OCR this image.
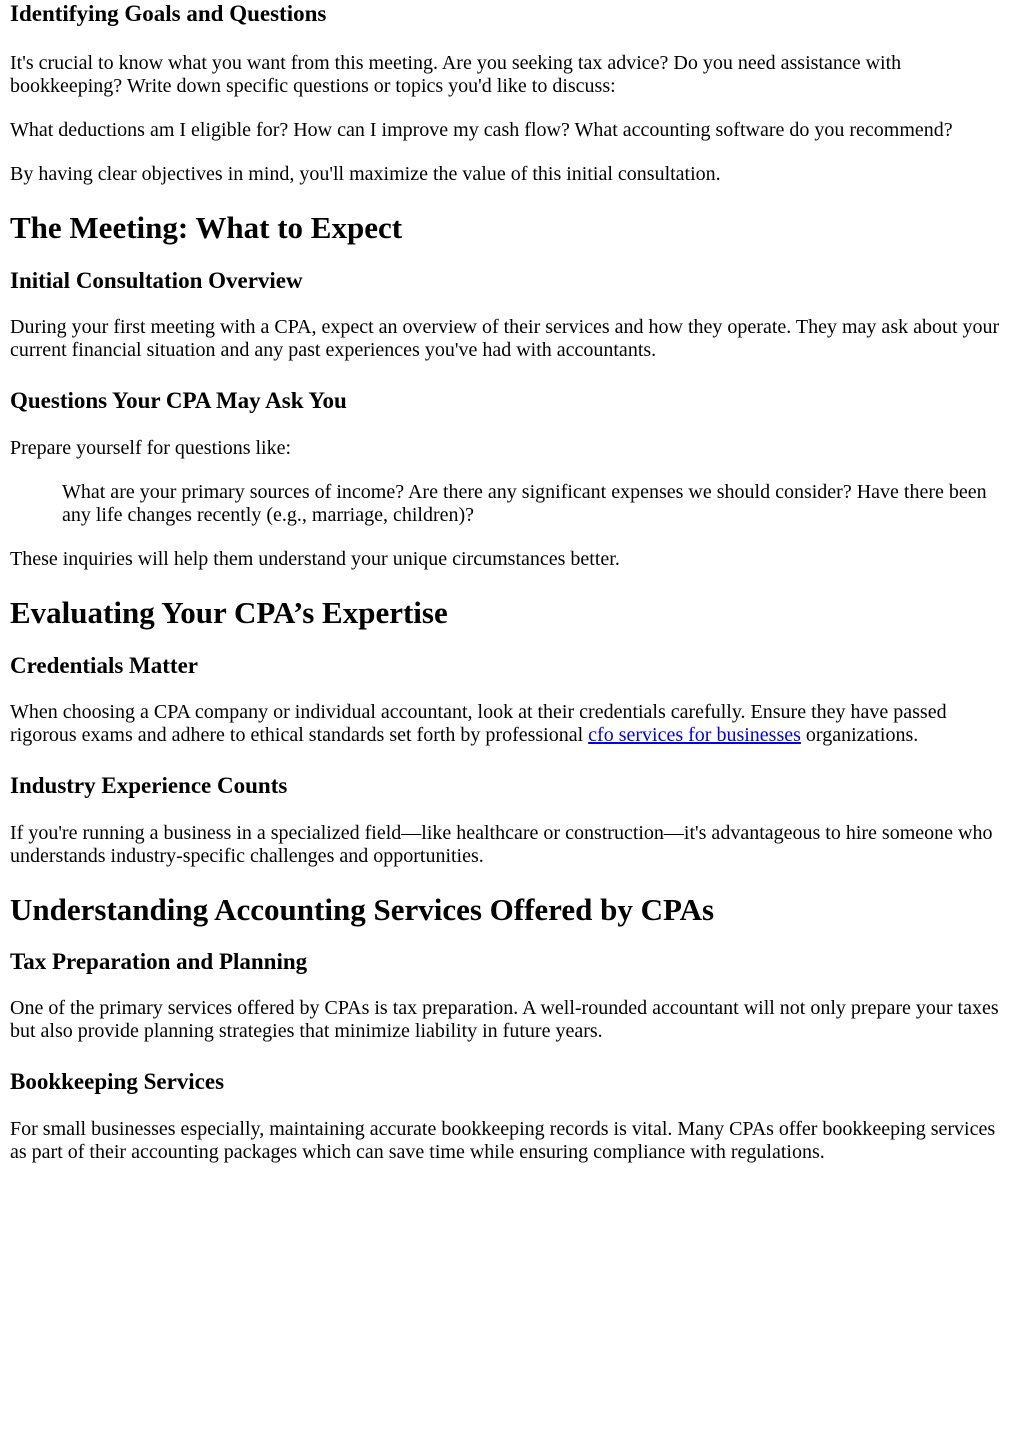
Identifying Goals and Questions

It's crucial to know what you want from this meeting. Are you seeking tax advice? Do you need assistance with bookkeeping? Write down specific questions or topics you'd like to discuss:

What deductions am I eligible for? How can I improve my cash flow? What accounting software do you recommend?

By having clear objectives in mind, you'll maximize the value of this initial consultation.

The Meeting: What to Expect
Initial Consultation Overview

During your first meeting with a CPA, expect an overview of their services and how they operate. They may ask about your current financial situation and any past experiences you've had with accountants.

Questions Your CPA May Ask You

Prepare yourself for questions like:

What are your primary sources of income? Are there any significant expenses we should consider? Have there been any life changes recently (e.g., marriage, children)?

These inquiries will help them understand your unique circumstances better.

Evaluating Your CPA’s Expertise
Credentials Matter

When choosing a CPA company or individual accountant, look at their credentials carefully. Ensure they have passed rigorous exams and adhere to ethical standards set forth by professional cfo services for businesses organizations.

Industry Experience Counts

If you're running a business in a specialized field—like healthcare or construction—it's advantageous to hire someone who understands industry-specific challenges and opportunities.

Understanding Accounting Services Offered by CPAs
Tax Preparation and Planning

One of the primary services offered by CPAs is tax preparation. A well-rounded accountant will not only prepare your taxes but also provide planning strategies that minimize liability in future years.

Bookkeeping Services

For small businesses especially, maintaining accurate bookkeeping records is vital. Many CPAs offer bookkeeping services as part of their accounting packages which can save time while ensuring compliance with regulations.
